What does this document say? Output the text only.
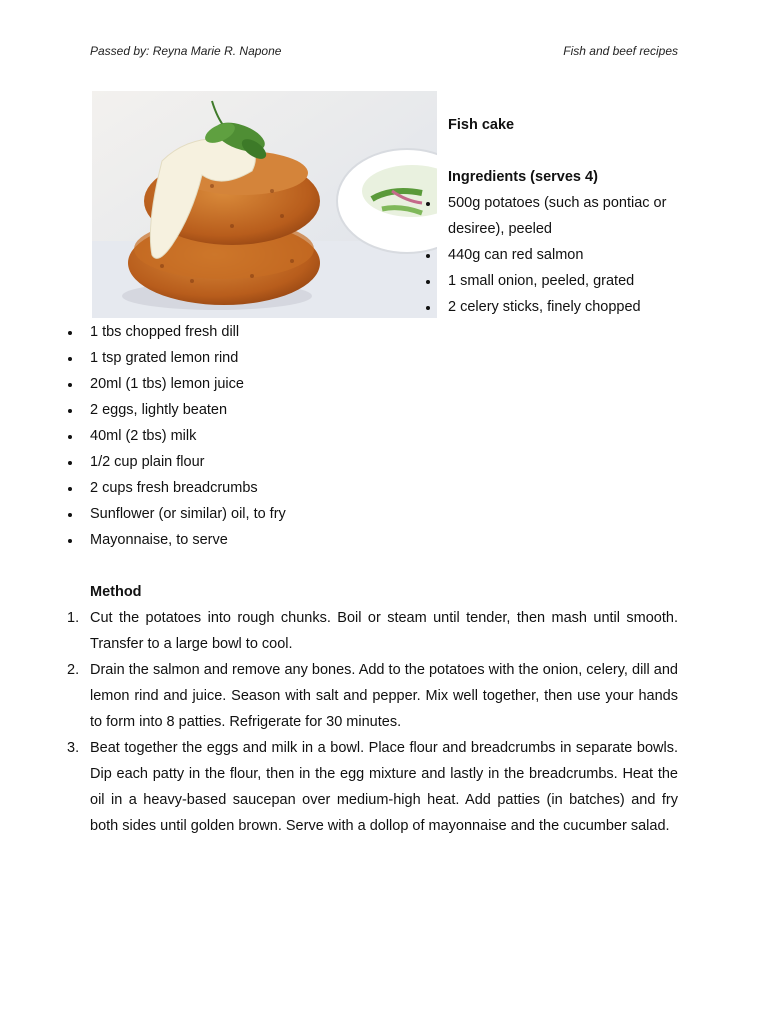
Passed by: Reyna Marie R. Napone	Fish and beef recipes

Fish cake

Ingredients (serves 4)

500g potatoes (such as pontiac or desiree), peeled
440g can red salmon
1 small onion, peeled, grated
2 celery sticks, finely chopped
1 tbs chopped fresh dill
1 tsp grated lemon rind
20ml (1 tbs) lemon juice
2 eggs, lightly beaten
40ml (2 tbs) milk
1/2 cup plain flour
2 cups fresh breadcrumbs
Sunflower (or similar) oil, to fry
Mayonnaise, to serve

Method

1. Cut the potatoes into rough chunks. Boil or steam until tender, then mash until smooth. Transfer to a large bowl to cool.
2. Drain the salmon and remove any bones. Add to the potatoes with the onion, celery, dill and lemon rind and juice. Season with salt and pepper. Mix well together, then use your hands to form into 8 patties. Refrigerate for 30 minutes.
3. Beat together the eggs and milk in a bowl. Place flour and breadcrumbs in separate bowls. Dip each patty in the flour, then in the egg mixture and lastly in the breadcrumbs. Heat the oil in a heavy-based saucepan over medium-high heat. Add patties (in batches) and fry both sides until golden brown. Serve with a dollop of mayonnaise and the cucumber salad.
